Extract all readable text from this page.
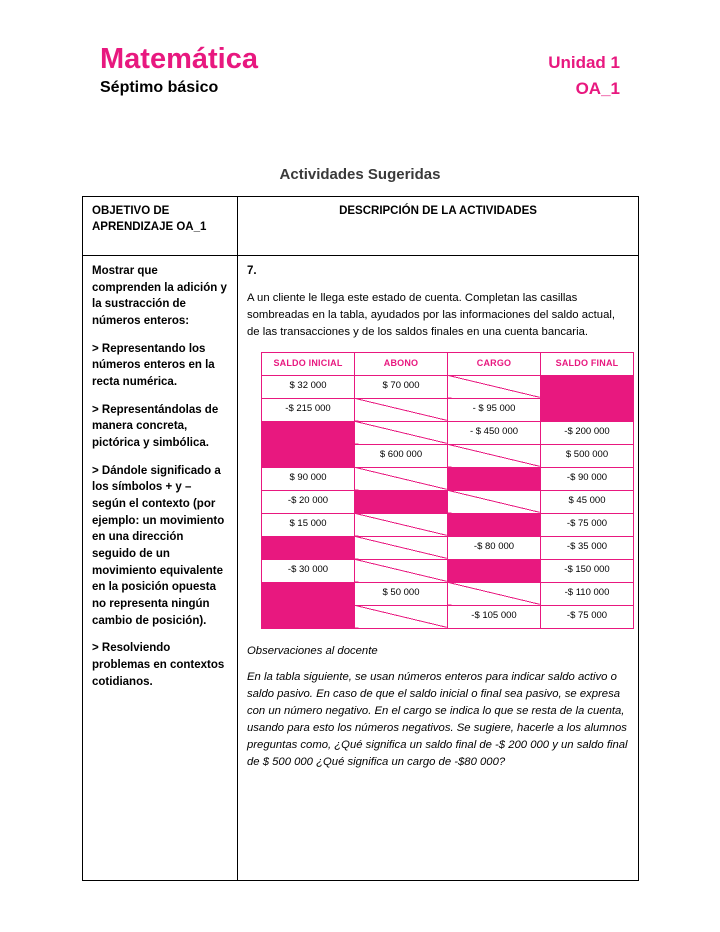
Matemática
Séptimo básico
Unidad 1
OA_1
Actividades Sugeridas
OBJETIVO DE APRENDIZAJE OA_1	DESCRIPCIÓN DE LA ACTIVIDADES

Mostrar que comprenden la adición y la sustracción de números enteros:

> Representando los números enteros en la recta numérica.

> Representándolas de manera concreta, pictórica y simbólica.

> Dándole significado a los símbolos + y – según el contexto (por ejemplo: un movimiento en una dirección seguido de un movimiento equivalente en la posición opuesta no representa ningún cambio de posición).

> Resolviendo problemas en contextos cotidianos.

7.

A un cliente le llega este estado de cuenta. Completan las casillas sombreadas en la tabla, ayudados por las informaciones del saldo actual, de las transacciones y de los saldos finales en una cuenta bancaria.

SALDO INICIAL	ABONO	CARGO	SALDO FINAL
$ 32 000	$ 70 000		
-$ 215 000		- $ 95 000	
		- $ 450 000	-$ 200 000
	$ 600 000		$ 500 000
$ 90 000			-$ 90 000
-$ 20 000			$ 45 000
$ 15 000			-$ 75 000
		-$ 80 000	-$ 35 000
-$ 30 000			-$ 150 000
	$ 50 000		-$ 110 000
		-$ 105 000	-$ 75 000

Observaciones al docente

En la tabla siguiente, se usan números enteros para indicar saldo activo o saldo pasivo. En caso de que el saldo inicial o final sea pasivo, se expresa con un número negativo. En el cargo se indica lo que se resta de la cuenta, usando para esto los números negativos. Se sugiere, hacerle a los alumnos preguntas como, ¿Qué significa un saldo final de -$ 200 000 y un saldo final de $ 500 000 ¿Qué significa un cargo de -$80 000?
